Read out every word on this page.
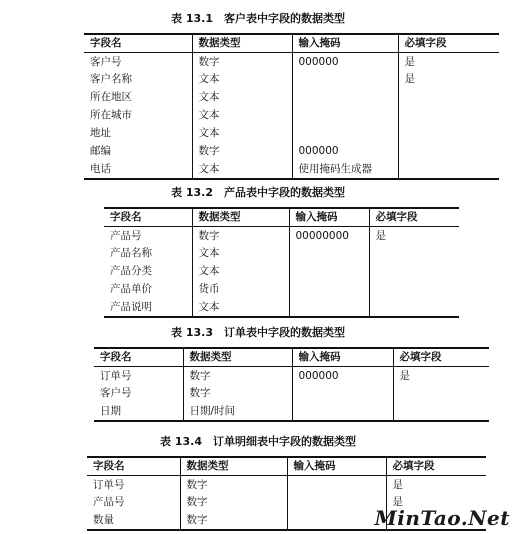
表 13.1　客户表中字段的数据类型
字段名	数据类型	输入掩码	必填字段
客户号	数字	000000	是
客户名称	文本		是
所在地区	文本		
所在城市	文本		
地址	文本		
邮编	数字	000000	
电话	文本	使用掩码生成器	
表 13.2　产品表中字段的数据类型
字段名	数据类型	输入掩码	必填字段
产品号	数字	00000000	是
产品名称	文本		
产品分类	文本		
产品单价	货币		
产品说明	文本		
表 13.3　订单表中字段的数据类型
字段名	数据类型	输入掩码	必填字段
订单号	数字	000000	是
客户号	数字		
日期	日期/时间		
表 13.4　订单明细表中字段的数据类型
字段名	数据类型	输入掩码	必填字段
订单号	数字		是
产品号	数字		是
数量	数字			MinTao.Net
